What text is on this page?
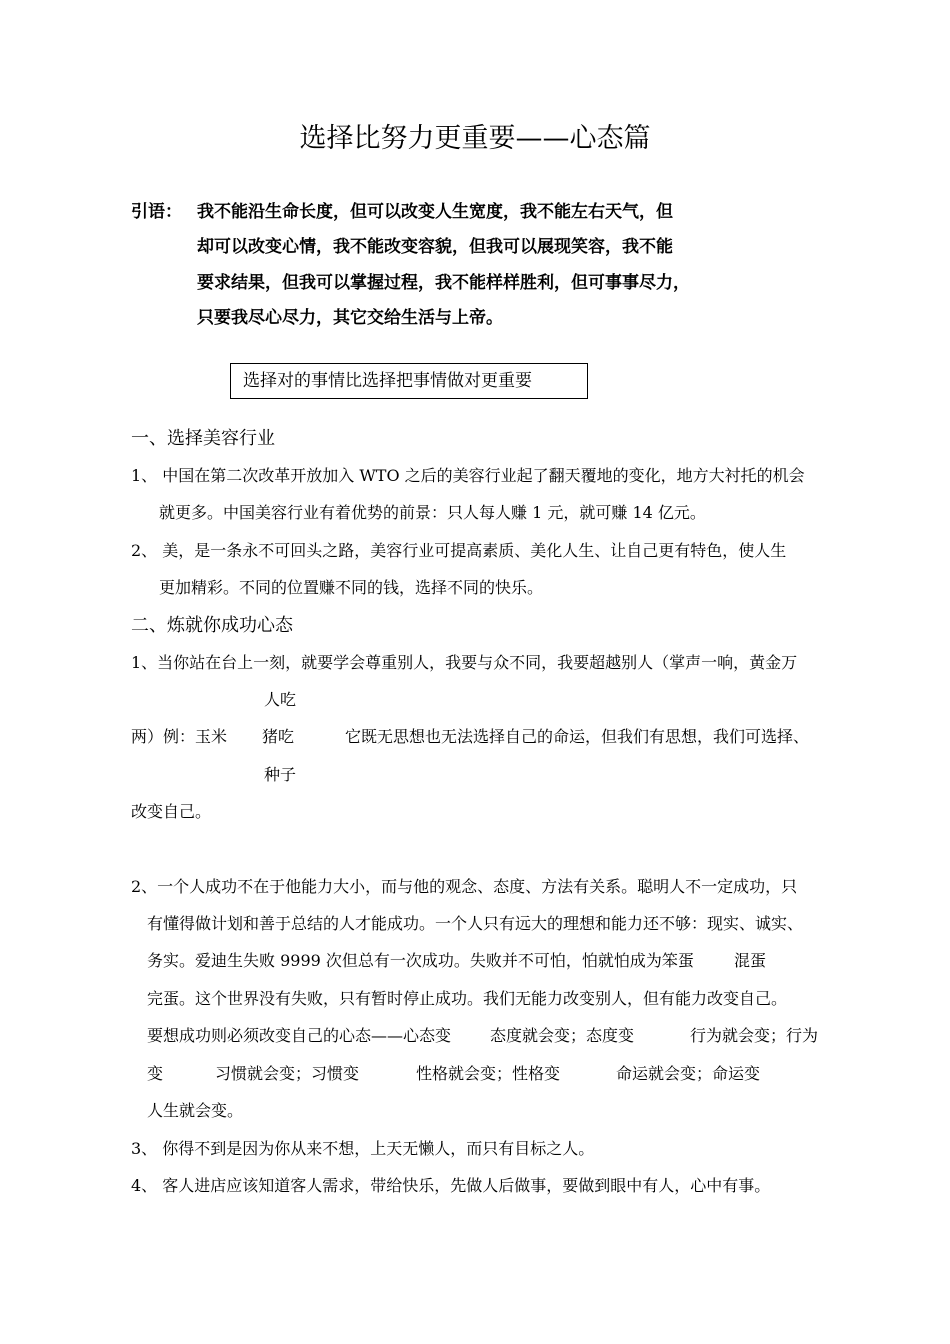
选择比努力更重要——心态篇
引语： 我不能沿生命长度，但可以改变人生宽度，我不能左右天气，但
却可以改变心情，我不能改变容貌，但我可以展现笑容，我不能
要求结果，但我可以掌握过程，我不能样样胜利，但可事事尽力，
只要我尽心尽力，其它交给生活与上帝。
选择对的事情比选择把事情做对更重要
一、选择美容行业
1、 中国在第二次改革开放加入 WTO 之后的美容行业起了翻天覆地的变化，地方大衬托的机会
就更多。中国美容行业有着优势的前景：只人每人赚 1 元，就可赚 14 亿元。
2、 美，是一条永不可回头之路，美容行业可提高素质、美化人生、让自己更有特色，使人生
更加精彩。不同的位置赚不同的钱，选择不同的快乐。
二、炼就你成功心态
1、当你站在台上一刻，就要学会尊重别人，我要与众不同，我要超越别人（掌声一响，黄金万
人吃
两）例：玉米 猪吃	它既无思想也无法选择自己的命运，但我们有思想，我们可选择、
种子
改变自己。
2、一个人成功不在于他能力大小，而与他的观念、态度、方法有关系。聪明人不一定成功，只
有懂得做计划和善于总结的人才能成功。一个人只有远大的理想和能力还不够：现实、诚实、
务实。爱迪生失败 9999 次但总有一次成功。失败并不可怕，怕就怕成为笨蛋	混蛋
完蛋。这个世界没有失败，只有暂时停止成功。我们无能力改变别人，但有能力改变自己。
要想成功则必须改变自己的心态——心态变 态度就会变；态度变	行为就会变；行为
变	习惯就会变；习惯变	性格就会变；性格变	命运就会变；命运变
人生就会变。
3、 你得不到是因为你从来不想，上天无懒人，而只有目标之人。
4、 客人进店应该知道客人需求，带给快乐，先做人后做事，要做到眼中有人，心中有事。
